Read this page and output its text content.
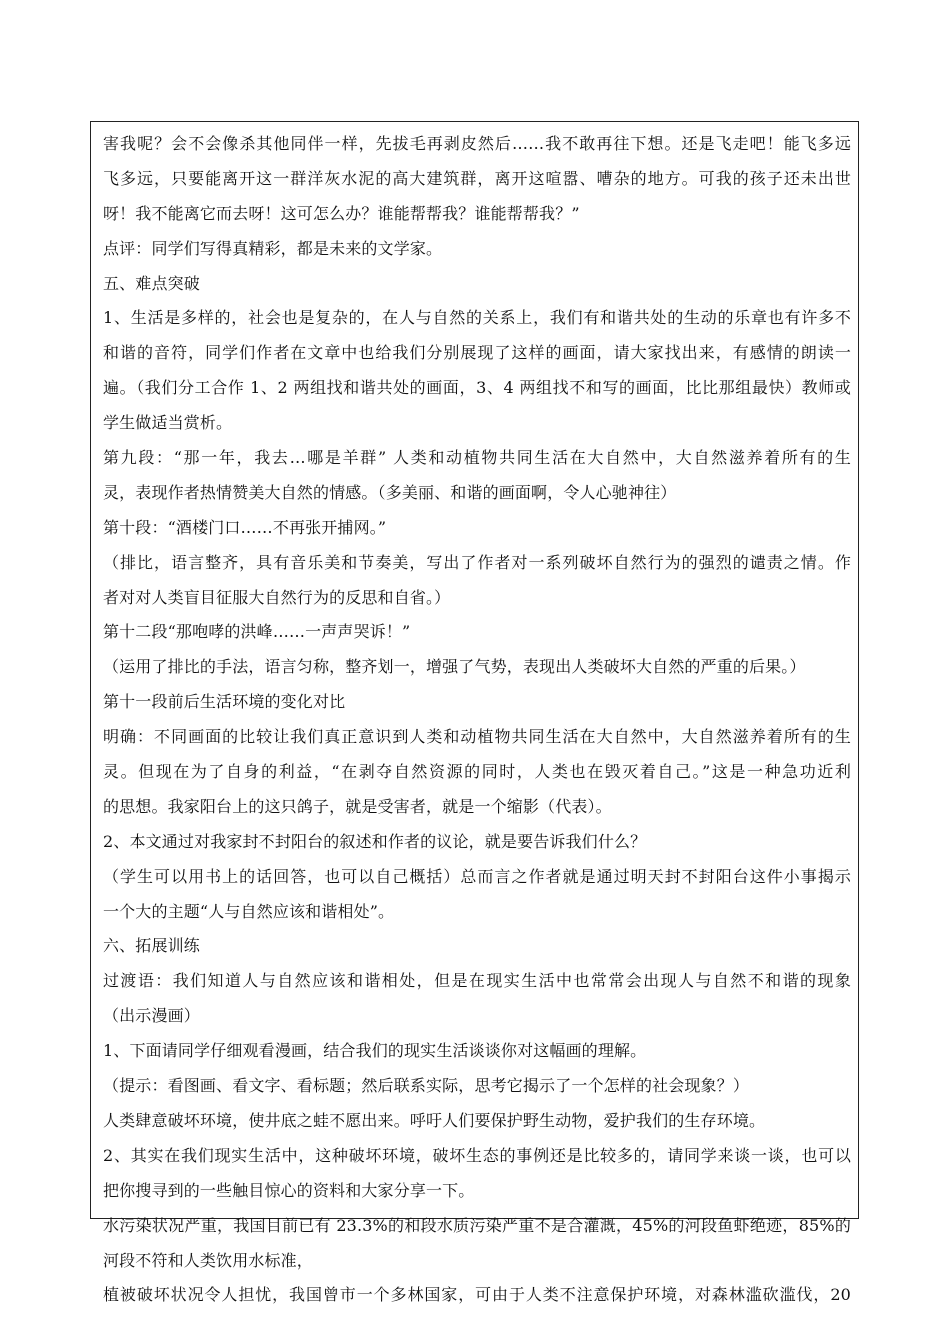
害我呢？会不会像杀其他同伴一样，先拔毛再剥皮然后……我不敢再往下想。还是飞走吧！能飞多远
飞多远，只要能离开这一群洋灰水泥的高大建筑群，离开这喧嚣、嘈杂的地方。可我的孩子还未出世
呀！我不能离它而去呀！这可怎么办？谁能帮帮我？谁能帮帮我？”
点评：同学们写得真精彩，都是未来的文学家。
五、难点突破
1、生活是多样的，社会也是复杂的，在人与自然的关系上，我们有和谐共处的生动的乐章也有许多不
和谐的音符，同学们作者在文章中也给我们分别展现了这样的画面，请大家找出来，有感情的朗读一
遍。（我们分工合作 1、2 两组找和谐共处的画面，3、4 两组找不和写的画面，比比那组最快）教师或
学生做适当赏析。
第九段：“那一年，我去…哪是羊群” 人类和动植物共同生活在大自然中，大自然滋养着所有的生
灵，表现作者热情赞美大自然的情感。（多美丽、和谐的画面啊，令人心驰神往）
第十段：“酒楼门口……不再张开捕网。”
（排比，语言整齐，具有音乐美和节奏美，写出了作者对一系列破坏自然行为的强烈的谴责之情。作
者对对人类盲目征服大自然行为的反思和自省。）
第十二段“那咆哮的洪峰……一声声哭诉！”
（运用了排比的手法，语言匀称，整齐划一，增强了气势，表现出人类破坏大自然的严重的后果。）
第十一段前后生活环境的变化对比
明确：不同画面的比较让我们真正意识到人类和动植物共同生活在大自然中，大自然滋养着所有的生
灵。但现在为了自身的利益，“在剥夺自然资源的同时，人类也在毁灭着自己。”这是一种急功近利
的思想。我家阳台上的这只鸽子，就是受害者，就是一个缩影（代表）。
2、本文通过对我家封不封阳台的叙述和作者的议论，就是要告诉我们什么？
（学生可以用书上的话回答，也可以自己概括）总而言之作者就是通过明天封不封阳台这件小事揭示
一个大的主题“人与自然应该和谐相处”。
六、拓展训练
过渡语：我们知道人与自然应该和谐相处，但是在现实生活中也常常会出现人与自然不和谐的现象
（出示漫画）
1、下面请同学仔细观看漫画，结合我们的现实生活谈谈你对这幅画的理解。
（提示：看图画、看文字、看标题；然后联系实际，思考它揭示了一个怎样的社会现象？）
人类肆意破坏环境，使井底之蛙不愿出来。呼吁人们要保护野生动物，爱护我们的生存环境。
2、其实在我们现实生活中，这种破坏环境，破坏生态的事例还是比较多的，请同学来谈一谈，也可以
把你搜寻到的一些触目惊心的资料和大家分享一下。
水污染状况严重，我国目前已有 23.3%的和段水质污染严重不是合灌溉，45%的河段鱼虾绝迹，85%的
河段不符和人类饮用水标准，
植被破坏状况令人担忧，我国曾市一个多林国家，可由于人类不注意保护环境，对森林滥砍滥伐，20
